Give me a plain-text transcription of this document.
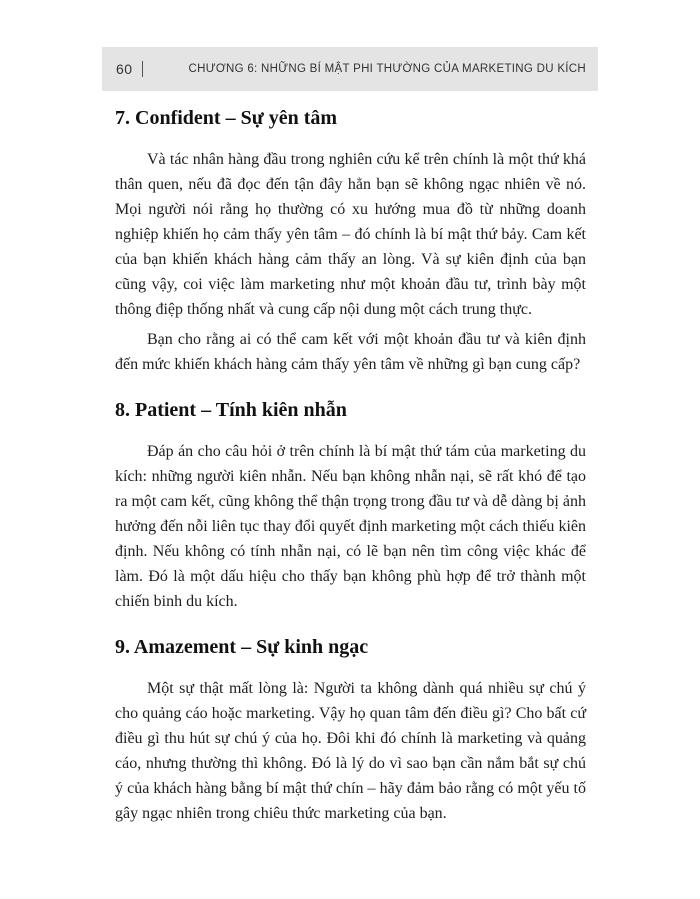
60	CHƯƠNG 6: NHỮNG BÍ MẬT PHI THƯỜNG CỦA MARKETING DU KÍCH
7. Confident – Sự yên tâm

Và tác nhân hàng đầu trong nghiên cứu kể trên chính là một thứ khá thân quen, nếu đã đọc đến tận đây hẳn bạn sẽ không ngạc nhiên về nó. Mọi người nói rằng họ thường có xu hướng mua đồ từ những doanh nghiệp khiến họ cảm thấy yên tâm – đó chính là bí mật thứ bảy. Cam kết của bạn khiến khách hàng cảm thấy an lòng. Và sự kiên định của bạn cũng vậy, coi việc làm marketing như một khoản đầu tư, trình bày một thông điệp thống nhất và cung cấp nội dung một cách trung thực.

Bạn cho rằng ai có thể cam kết với một khoản đầu tư và kiên định đến mức khiến khách hàng cảm thấy yên tâm về những gì bạn cung cấp?

8. Patient – Tính kiên nhẫn

Đáp án cho câu hỏi ở trên chính là bí mật thứ tám của marketing du kích: những người kiên nhẫn. Nếu bạn không nhẫn nại, sẽ rất khó để tạo ra một cam kết, cũng không thể thận trọng trong đầu tư và dễ dàng bị ảnh hưởng đến nỗi liên tục thay đổi quyết định marketing một cách thiếu kiên định. Nếu không có tính nhẫn nại, có lẽ bạn nên tìm công việc khác để làm. Đó là một dấu hiệu cho thấy bạn không phù hợp để trở thành một chiến binh du kích.

9. Amazement – Sự kinh ngạc

Một sự thật mất lòng là: Người ta không dành quá nhiều sự chú ý cho quảng cáo hoặc marketing. Vậy họ quan tâm đến điều gì? Cho bất cứ điều gì thu hút sự chú ý của họ. Đôi khi đó chính là marketing và quảng cáo, nhưng thường thì không. Đó là lý do vì sao bạn cần nắm bắt sự chú ý của khách hàng bằng bí mật thứ chín – hãy đảm bảo rằng có một yếu tố gây ngạc nhiên trong chiêu thức marketing của bạn.
